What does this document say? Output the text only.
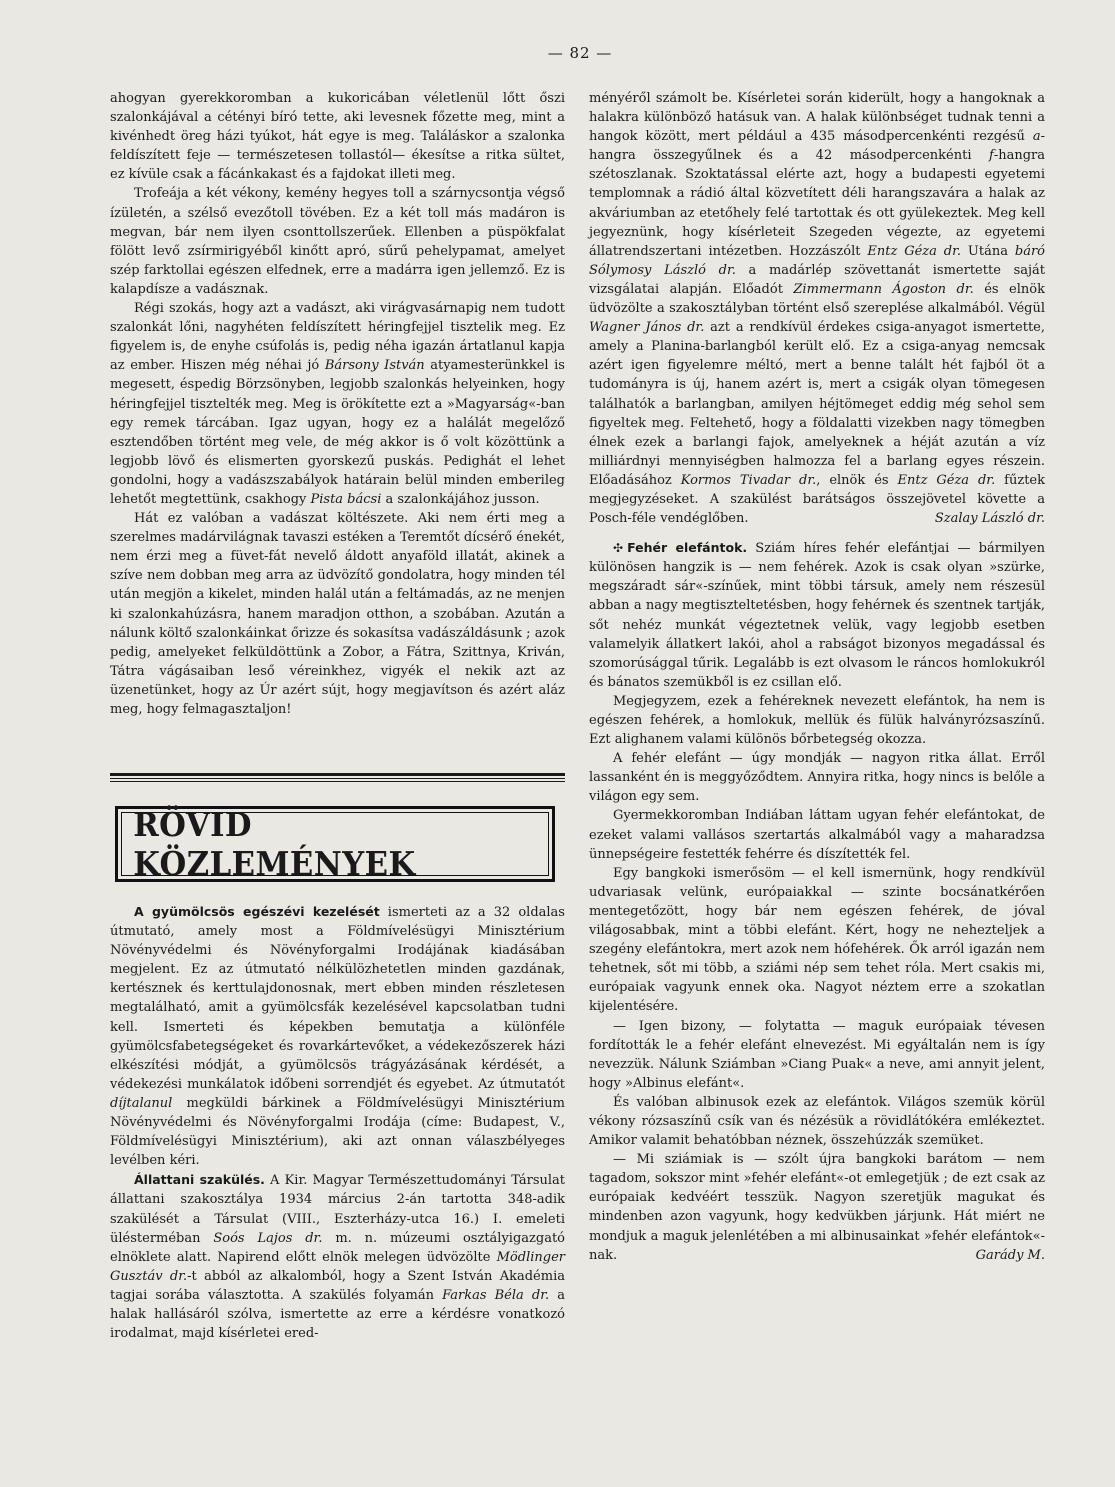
— 82 —

ahogyan gyerekkoromban a kukoricában véletlenül lőtt őszi szalonkájával a cétényi bíró tette, aki levesnek főzette meg, mint a kivénhedt öreg házi tyúkot, hát egye is meg. Találáskor a szalonka feldíszített feje — természetesen tollastól— ékesítse a ritka sültet, ez kívüle csak a fácánkakast és a fajdokat illeti meg.

Trofeája a két vékony, kemény hegyes toll a szárnycsontja végső ízületén, a szélső evezőtoll tövében. Ez a két toll más madáron is megvan, bár nem ilyen csonttollszerűek. Ellenben a püspökfalat fölött levő zsírmirigyéből kinőtt apró, sűrű pehelypamat, amelyet szép farktollai egészen elfednek, erre a madárra igen jellemző. Ez is kalapdísze a vadásznak.

Régi szokás, hogy azt a vadászt, aki virágvasárnapig nem tudott szalonkát lőni, nagyhéten feldíszített héringfejjel tisztelik meg. Ez figyelem is, de enyhe csúfolás is, pedig néha igazán ártatlanul kapja az ember. Hiszen még néhai jó Bársony István atyamesterünkkel is megesett, éspedig Börzsönyben, legjobb szalonkás helyeinken, hogy héringfejjel tisztelték meg. Meg is örökítette ezt a »Magyarság«-ban egy remek tárcában. Igaz ugyan, hogy ez a halálát megelőző esztendőben történt meg vele, de még akkor is ő volt közöttünk a legjobb lövő és elismerten gyorskezű puskás. Pedighát el lehet gondolni, hogy a vadászszabályok határain belül minden emberileg lehetőt megtettünk, csakhogy Pista bácsi a szalonkájához jusson.

Hát ez valóban a vadászat költészete. Aki nem érti meg a szerelmes madárvilágnak tavaszi estéken a Teremtőt dícsérő énekét, nem érzi meg a füvet-fát nevelő áldott anyaföld illatát, akinek a szíve nem dobban meg arra az üdvözítő gondolatra, hogy minden tél után megjön a kikelet, minden halál után a feltámadás, az ne menjen ki szalonkahúzásra, hanem maradjon otthon, a szobában. Azután a nálunk költő szalonkáinkat őrizze és sokasítsa vadászáldásunk ; azok pedig, amelyeket felküldöttünk a Zobor, a Fátra, Szittnya, Kriván, Tátra vágásaiban leső véreinkhez, vigyék el nekik azt az üzenetünket, hogy az Úr azért sújt, hogy megjavítson és azért aláz meg, hogy felmagasztaljon!

RÖVID KÖZLEMÉNYEK

A gyümölcsös egészévi kezelését ismerteti az a 32 oldalas útmutató, amely most a Földmívelésügyi Minisztérium Növényvédelmi és Növényforgalmi Irodájának kiadásában megjelent. Ez az útmutató nélkülözhetetlen minden gazdának, kertésznek és kerttulajdonosnak, mert ebben minden részletesen megtalálható, amit a gyümölcsfák kezelésével kapcsolatban tudni kell. Ismerteti és képekben bemutatja a különféle gyümölcsfabetegségeket és rovarkártevőket, a védekezőszerek házi elkészítési módját, a gyümölcsös trágyázásának kérdését, a védekezési munkálatok időbeni sorrendjét és egyebet. Az útmutatót díjtalanul megküldi bárkinek a Földmívelésügyi Minisztérium Növényvédelmi és Növényforgalmi Irodája (címe: Budapest, V., Földmívelésügyi Minisztérium), aki azt onnan válaszbélyeges levélben kéri.

Állattani szakülés. A Kir. Magyar Természettudományi Társulat állattani szakosztálya 1934 március 2-án tartotta 348-adik szakülését a Társulat (VIII., Eszterházy-utca 16.) I. emeleti ülésterméban Soós Lajos dr. m. n. múzeumi osztályigazgató elnöklete alatt. Napirend előtt elnök melegen üdvözölte Mödlinger Gusztáv dr.-t abból az alkalomból, hogy a Szent István Akadémia tagjai sorába választotta. A szakülés folyamán Farkas Béla dr. a halak hallásáról szólva, ismertette az erre a kérdésre vonatkozó irodalmat, majd kísérletei ered-

ményéről számolt be. Kísérletei során kiderült, hogy a hangoknak a halakra különböző hatásuk van. A halak különbséget tudnak tenni a hangok között, mert például a 435 másodpercenkénti rezgésű a-hangra összegyűlnek és a 42 másodpercenkénti f-hangra szétoszlanak. Szoktatással elérte azt, hogy a budapesti egyetemi templomnak a rádió által közvetített déli harangszavára a halak az akváriumban az etetőhely felé tartottak és ott gyülekeztek. Meg kell jegyeznünk, hogy kísérleteit Szegeden végezte, az egyetemi állatrendszertani intézetben. Hozzászólt Entz Géza dr. Utána báró Sólymosy László dr. a madárlép szövettanát ismertette saját vizsgálatai alapján. Előadót Zimmermann Ágoston dr. és elnök üdvözölte a szakosztályban történt első szereplése alkalmából. Végül Wagner János dr. azt a rendkívül érdekes csiga-anyagot ismertette, amely a Planina-barlangból került elő. Ez a csiga-anyag nemcsak azért igen figyelemre méltó, mert a benne talált hét fajból öt a tudományra is új, hanem azért is, mert a csigák olyan tömegesen találhatók a barlangban, amilyen héjtömeget eddig még sehol sem figyeltek meg. Feltehető, hogy a földalatti vizekben nagy tömegben élnek ezek a barlangi fajok, amelyeknek a héját azután a víz milliárdnyi mennyiségben halmozza fel a barlang egyes részein. Előadásához Kormos Tivadar dr., elnök és Entz Géza dr. fűztek megjegyzéseket. A szakülést barátságos összejövetel követte a Posch-féle vendéglőben.	Szalay László dr.

✣ Fehér elefántok. Sziám híres fehér elefántjai — bármilyen különösen hangzik is — nem fehérek. Azok is csak olyan »szürke, megszáradt sár«-színűek, mint többi társuk, amely nem részesül abban a nagy megtiszteltetésben, hogy fehérnek és szentnek tartják, sőt nehéz munkát végeztetnek velük, vagy legjobb esetben valamelyik állatkert lakói, ahol a rabságot bizonyos megadással és szomorúsággal tűrik. Legalább is ezt olvasom le ráncos homlokukról és bánatos szemükből is ez csillan elő.

Megjegyzem, ezek a fehéreknek nevezett elefántok, ha nem is egészen fehérek, a homlokuk, mellük és fülük halványrózsaszínű. Ezt alighanem valami különös bőrbetegség okozza.

A fehér elefánt — úgy mondják — nagyon ritka állat. Erről lassanként én is meggyőződtem. Annyira ritka, hogy nincs is belőle a világon egy sem.

Gyermekkoromban Indiában láttam ugyan fehér elefántokat, de ezeket valami vallásos szertartás alkalmából vagy a maharadzsa ünnepségeire festették fehérre és díszítették fel.

Egy bangkoki ismerősöm — el kell ismernünk, hogy rendkívül udvariasak velünk, európaiakkal — szinte bocsánatkérően mentegetőzött, hogy bár nem egészen fehérek, de jóval világosabbak, mint a többi elefánt. Kért, hogy ne nehezteljek a szegény elefántokra, mert azok nem hófehérek. Ők arról igazán nem tehetnek, sőt mi több, a sziámi nép sem tehet róla. Mert csakis mi, európaiak vagyunk ennek oka. Nagyot néztem erre a szokatlan kijelentésére.

— Igen bizony, — folytatta — maguk európaiak tévesen fordították le a fehér elefánt elnevezést. Mi egyáltalán nem is így nevezzük. Nálunk Sziámban »Ciang Puak« a neve, ami annyit jelent, hogy »Albinus elefánt«.

És valóban albinusok ezek az elefántok. Világos szemük körül vékony rózsaszínű csík van és nézésük a rövidlátókéra emlékeztet. Amikor valamit behatóbban néznek, összehúzzák szemüket.

— Mi sziámiak is — szólt újra bangkoki barátom — nem tagadom, sokszor mint »fehér elefánt«-ot emlegetjük ; de ezt csak az európaiak kedvéért tesszük. Nagyon szeretjük magukat és mindenben azon vagyunk, hogy kedvükben járjunk. Hát miért ne mondjuk a maguk jelenlétében a mi albinusainkat »fehér elefántok«-nak.	Garády M.
